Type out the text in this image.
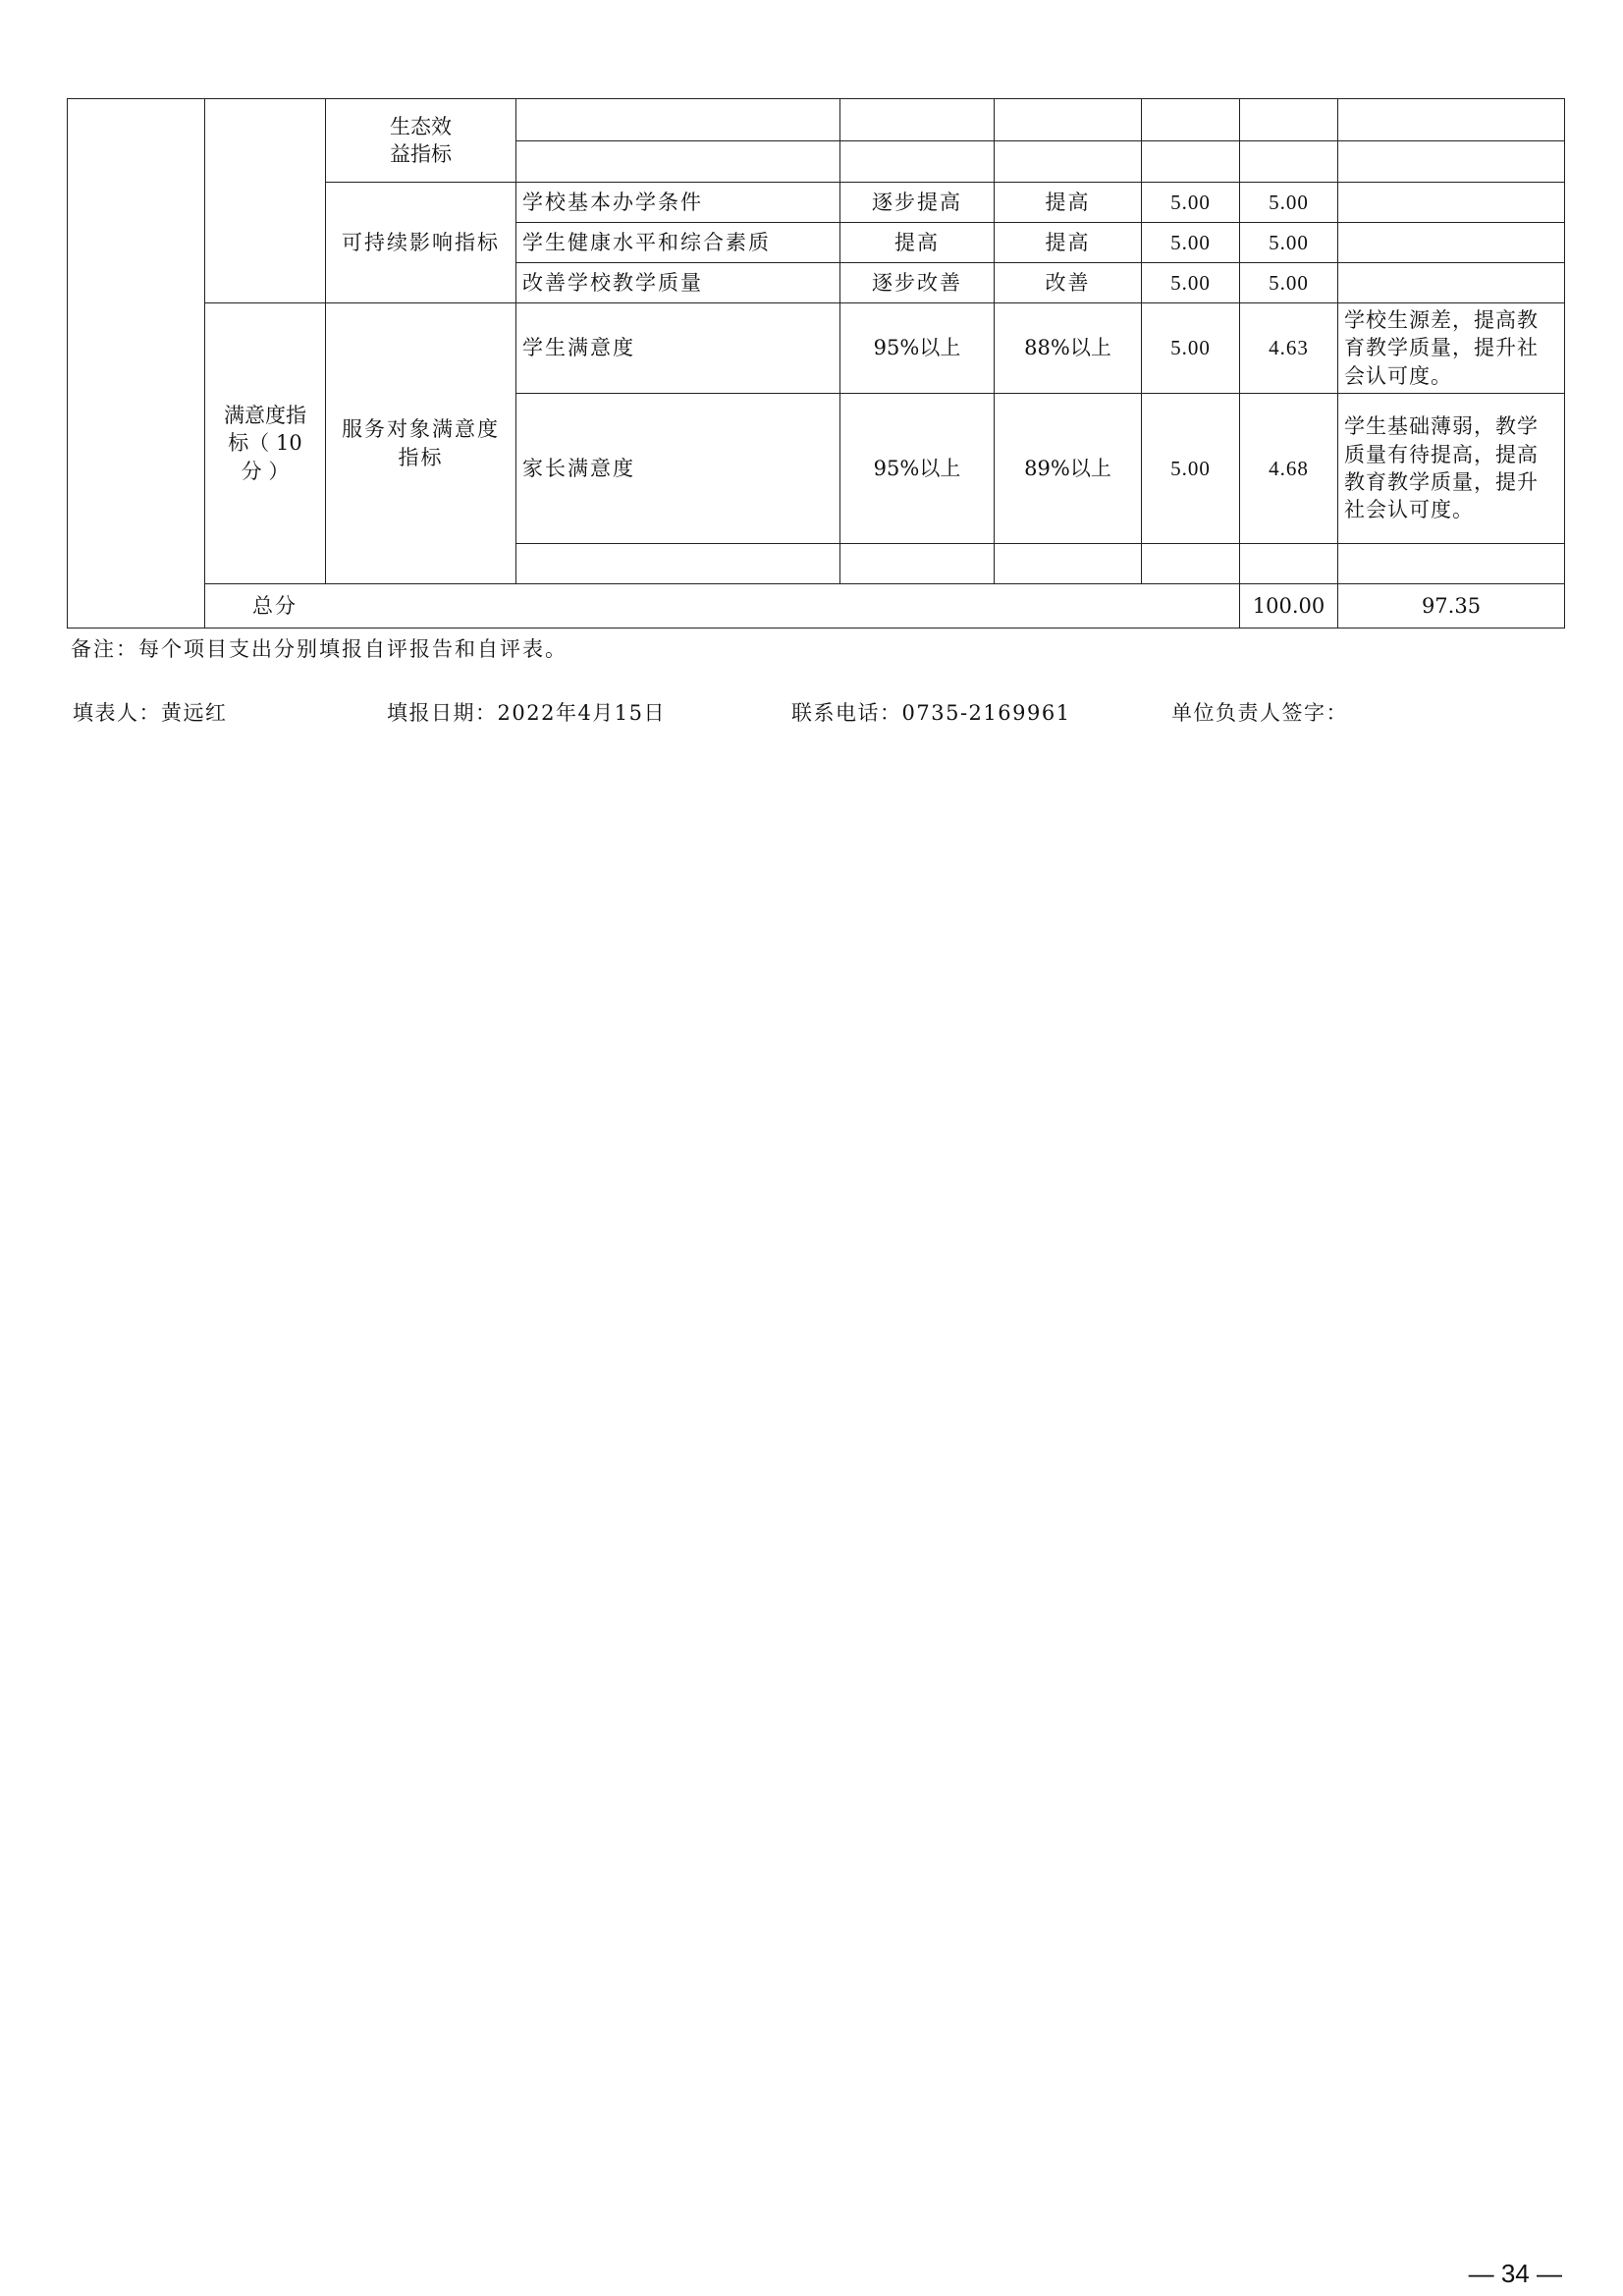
		生态效益指标							

		可持续影响指标	学校基本办学条件	逐步提高	提高	5.00	5.00		
			学生健康水平和综合素质	提高	提高	5.00	5.00		
			改善学校教学质量	逐步改善	改善	5.00	5.00		
	满意度指标（ 10分 ）	服务对象满意度指标	学生满意度	95%以上	88%以上	5.00	4.63	学校生源差，提高教育教学质量，提升社会认可度。	
			家长满意度	95%以上	89%以上	5.00	4.68	学生基础薄弱，教学质量有待提高，提高教育教学质量，提升社会认可度。	

	总分						100.00	97.35	
备注：每个项目支出分别填报自评报告和自评表。
填表人：黄远红	填报日期：2022年4月15日	联系电话：0735-2169961	单位负责人签字：
— 34 —
